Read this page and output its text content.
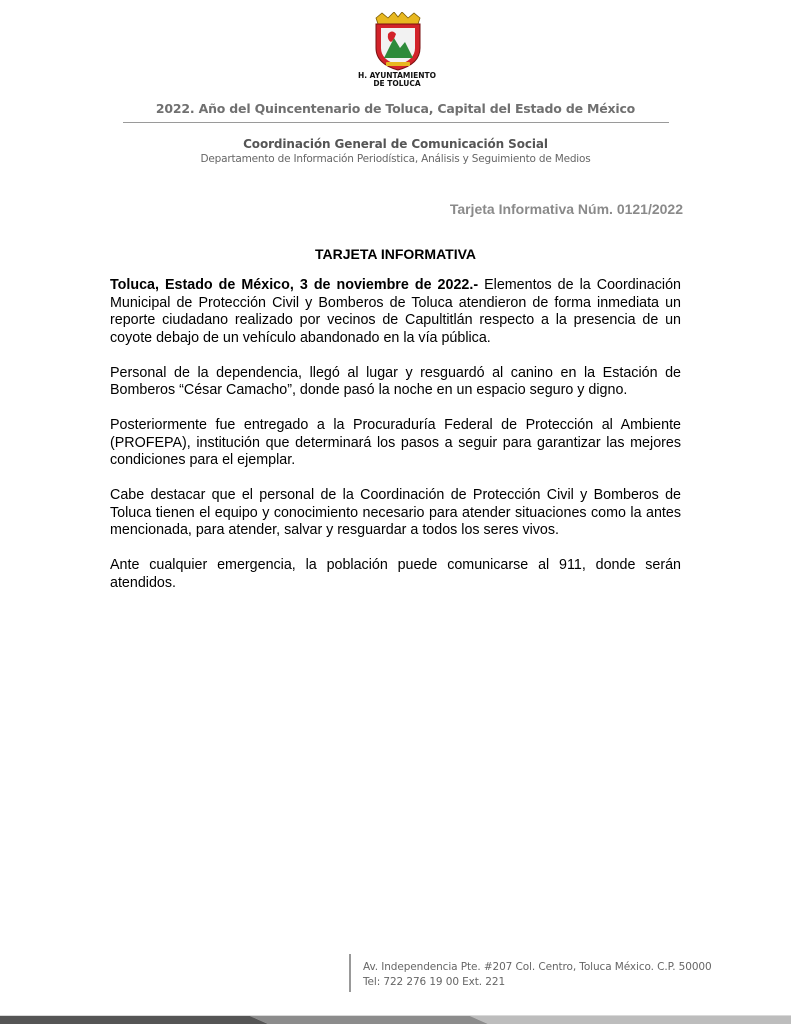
H. AYUNTAMIENTO
DE TOLUCA
2022. Año del Quincentenario de Toluca, Capital del Estado de México
Coordinación General de Comunicación Social
Departamento de Información Periodística, Análisis y Seguimiento de Medios
Tarjeta Informativa Núm. 0121/2022
TARJETA INFORMATIVA

Toluca, Estado de México, 3 de noviembre de 2022.- Elementos de la Coordinación Municipal de Protección Civil y Bomberos de Toluca atendieron de forma inmediata un reporte ciudadano realizado por vecinos de Capultitlán respecto a la presencia de un coyote debajo de un vehículo abandonado en la vía pública.

Personal de la dependencia, llegó al lugar y resguardó al canino en la Estación de Bomberos “César Camacho”, donde pasó la noche en un espacio seguro y digno.

Posteriormente fue entregado a la Procuraduría Federal de Protección al Ambiente (PROFEPA), institución que determinará los pasos a seguir para garantizar las mejores condiciones para el ejemplar.

Cabe destacar que el personal de la Coordinación de Protección Civil y Bomberos de Toluca tienen el equipo y conocimiento necesario para atender situaciones como la antes mencionada, para atender, salvar y resguardar a todos los seres vivos.

Ante cualquier emergencia, la población puede comunicarse al 911, donde serán atendidos.

Av. Independencia Pte. #207 Col. Centro, Toluca México. C.P. 50000
Tel: 722 276 19 00 Ext. 221
